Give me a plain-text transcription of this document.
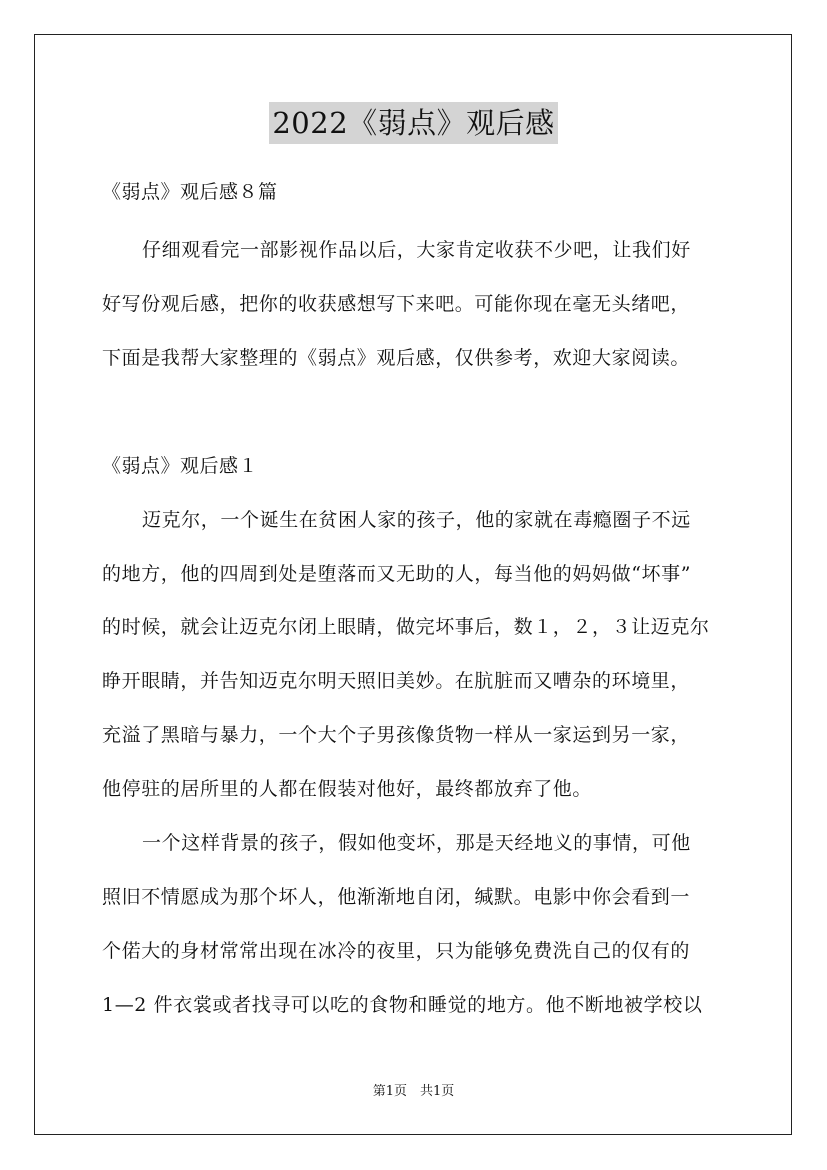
2022《弱点》观后感
《弱点》观后感８篇
仔细观看完一部影视作品以后，大家肯定收获不少吧，让我们好
好写份观后感，把你的收获感想写下来吧。可能你现在毫无头绪吧，
下面是我帮大家整理的《弱点》观后感，仅供参考，欢迎大家阅读。
《弱点》观后感１
迈克尔，一个诞生在贫困人家的孩子，他的家就在毒瘾圈子不远
的地方，他的四周到处是堕落而又无助的人，每当他的妈妈做“坏事”
的时候，就会让迈克尔闭上眼睛，做完坏事后，数１，２，３让迈克尔
睁开眼睛，并告知迈克尔明天照旧美妙。在肮脏而又嘈杂的环境里，
充溢了黑暗与暴力，一个大个子男孩像货物一样从一家运到另一家，
他停驻的居所里的人都在假装对他好，最终都放弃了他。
一个这样背景的孩子，假如他变坏，那是天经地义的事情，可他
照旧不情愿成为那个坏人，他渐渐地自闭，缄默。电影中你会看到一
个偌大的身材常常出现在冰冷的夜里，只为能够免费洗自己的仅有的
1—2 件衣裳或者找寻可以吃的食物和睡觉的地方。他不断地被学校以
第1页　共1页
